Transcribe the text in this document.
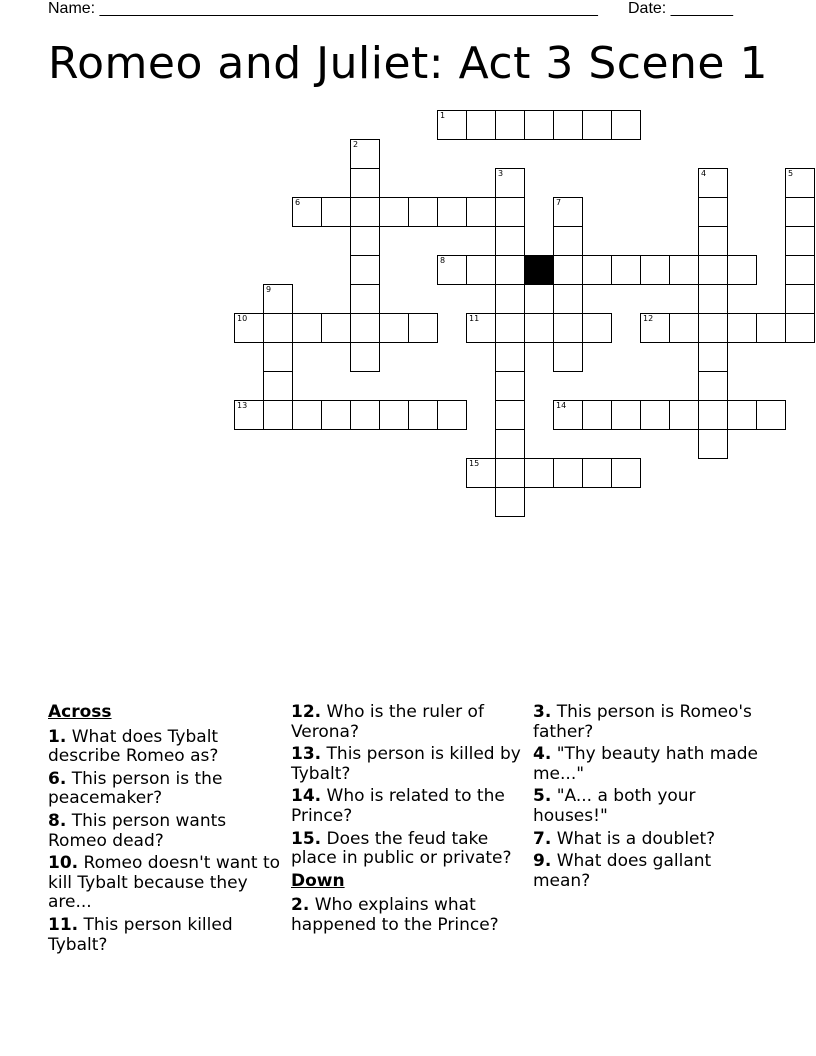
Name: ________________________________________________________ Date: _______
Romeo and Juliet: Act 3 Scene 1
1
2
3	4	5
6	7
8
9
10	11	12
13	14
15
Across
1. What does Tybalt describe Romeo as?
6. This person is the peacemaker?
8. This person wants Romeo dead?
10. Romeo doesn't want to kill Tybalt because they are...
11. This person killed Tybalt?
12. Who is the ruler of Verona?
13. This person is killed by Tybalt?
14. Who is related to the Prince?
15. Does the feud take place in public or private?
Down
2. Who explains what happened to the Prince?
3. This person is Romeo's father?
4. "Thy beauty hath made me..."
5. "A... a both your houses!"
7. What is a doublet?
9. What does gallant mean?
